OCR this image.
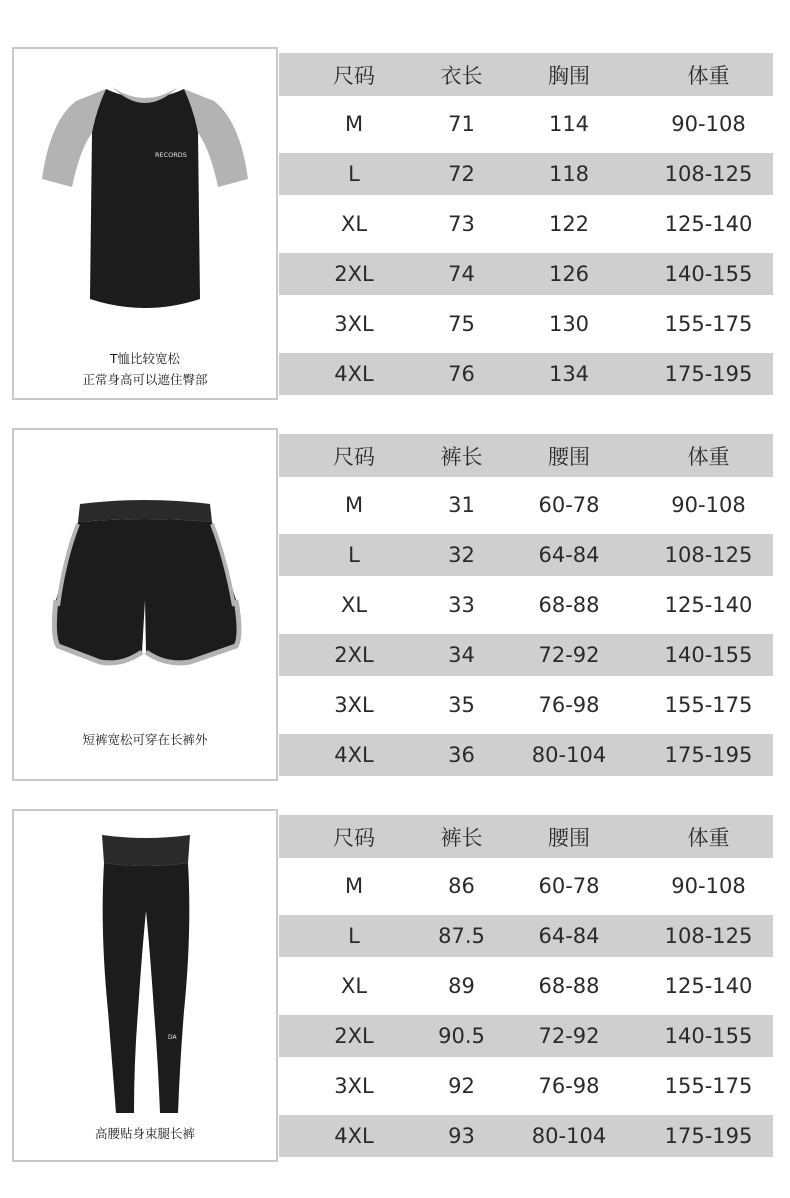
RECORDS
T恤比较宽松
正常身高可以遮住臀部
尺码	衣长	胸围	体重
M	71	114	90-108
L	72	118	108-125
XL	73	122	125-140
2XL	74	126	140-155
3XL	75	130	155-175
4XL	76	134	175-195
短裤宽松可穿在长裤外
尺码	裤长	腰围	体重
M	31	60-78	90-108
L	32	64-84	108-125
XL	33	68-88	125-140
2XL	34	72-92	140-155
3XL	35	76-98	155-175
4XL	36	80-104	175-195
DA
高腰贴身束腿长裤
尺码	裤长	腰围	体重
M	86	60-78	90-108
L	87.5	64-84	108-125
XL	89	68-88	125-140
2XL	90.5	72-92	140-155
3XL	92	76-98	155-175
4XL	93	80-104	175-195
